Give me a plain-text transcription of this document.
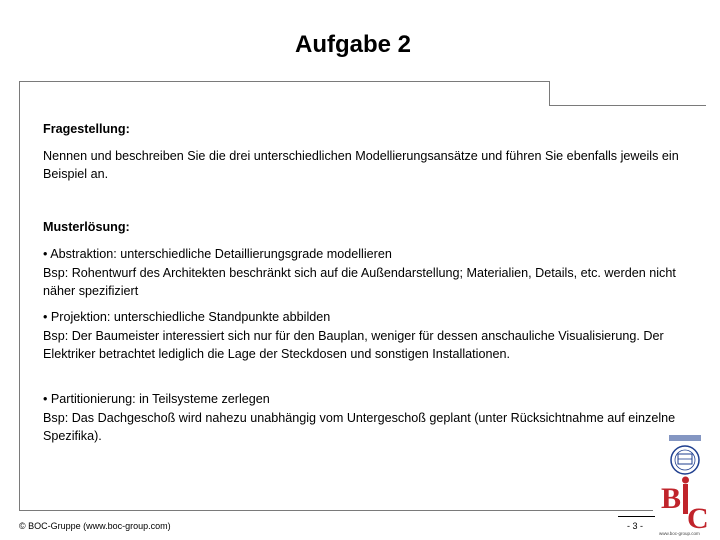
Aufgabe 2

Fragestellung:

Nennen und beschreiben Sie die drei unterschiedlichen Modellierungsansätze und führen Sie ebenfalls jeweils ein Beispiel an.

Musterlösung:

• Abstraktion: unterschiedliche Detaillierungsgrade modellieren

Bsp: Rohentwurf des Architekten beschränkt sich auf die Außendarstellung; Materialien, Details, etc. werden nicht näher spezifiziert

• Projektion: unterschiedliche Standpunkte abbilden

Bsp: Der Baumeister interessiert sich nur für den Bauplan, weniger für dessen anschauliche Visualisierung. Der Elektriker betrachtet lediglich die Lage der Steckdosen und sonstigen Installationen.

• Partitionierung: in Teilsysteme zerlegen

Bsp: Das Dachgeschoß wird nahezu unabhängig vom Untergeschoß geplant (unter Rücksichtnahme auf einzelne Spezifika).

© BOC-Gruppe (www.boc-group.com)	- 3 -
B
C
www.boc-group.com
